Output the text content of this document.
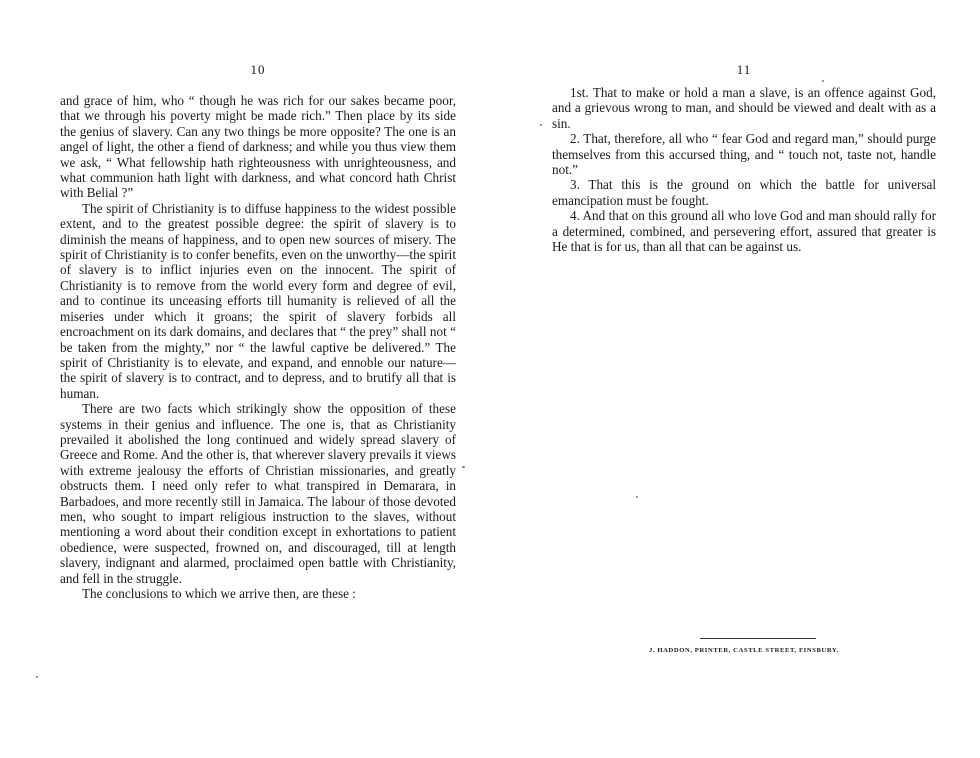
10

and grace of him, who “ though he was rich for our sakes became poor, that we through his poverty might be made rich.” Then place by its side the genius of slavery. Can any two things be more opposite? The one is an angel of light, the other a fiend of darkness; and while you thus view them we ask, “ What fellowship hath righteousness with unrighteousness, and what communion hath light with darkness, and what concord hath Christ with Belial ?”

The spirit of Christianity is to diffuse happiness to the widest possible extent, and to the greatest possible degree: the spirit of slavery is to diminish the means of happiness, and to open new sources of misery. The spirit of Christianity is to confer benefits, even on the unworthy—the spirit of slavery is to inflict injuries even on the innocent. The spirit of Christianity is to remove from the world every form and degree of evil, and to continue its unceasing efforts till humanity is relieved of all the miseries under which it groans; the spirit of slavery forbids all encroachment on its dark domains, and declares that “ the prey” shall not “ be taken from the mighty,” nor “ the lawful captive be delivered.” The spirit of Christianity is to elevate, and expand, and ennoble our nature—the spirit of slavery is to contract, and to depress, and to brutify all that is human.

There are two facts which strikingly show the opposition of these systems in their genius and influence. The one is, that as Christianity prevailed it abolished the long continued and widely spread slavery of Greece and Rome. And the other is, that wherever slavery prevails it views with extreme jealousy the efforts of Christian missionaries, and greatly obstructs them. I need only refer to what transpired in Demarara, in Barbadoes, and more recently still in Jamaica. The labour of those devoted men, who sought to impart religious instruction to the slaves, without mentioning a word about their condition except in exhortations to patient obedience, were suspected, frowned on, and discouraged, till at length slavery, indignant and alarmed, proclaimed open battle with Christianity, and fell in the struggle.

The conclusions to which we arrive then, are these :

11

1st. That to make or hold a man a slave, is an offence against God, and a grievous wrong to man, and should be viewed and dealt with as a sin.

2. That, therefore, all who “ fear God and regard man,” should purge themselves from this accursed thing, and “ touch not, taste not, handle not.”

3. That this is the ground on which the battle for universal emancipation must be fought.

4. And that on this ground all who love God and man should rally for a determined, combined, and persevering effort, assured that greater is He that is for us, than all that can be against us.

J. HADDON, PRINTER, CASTLE STREET, FINSBURY.
